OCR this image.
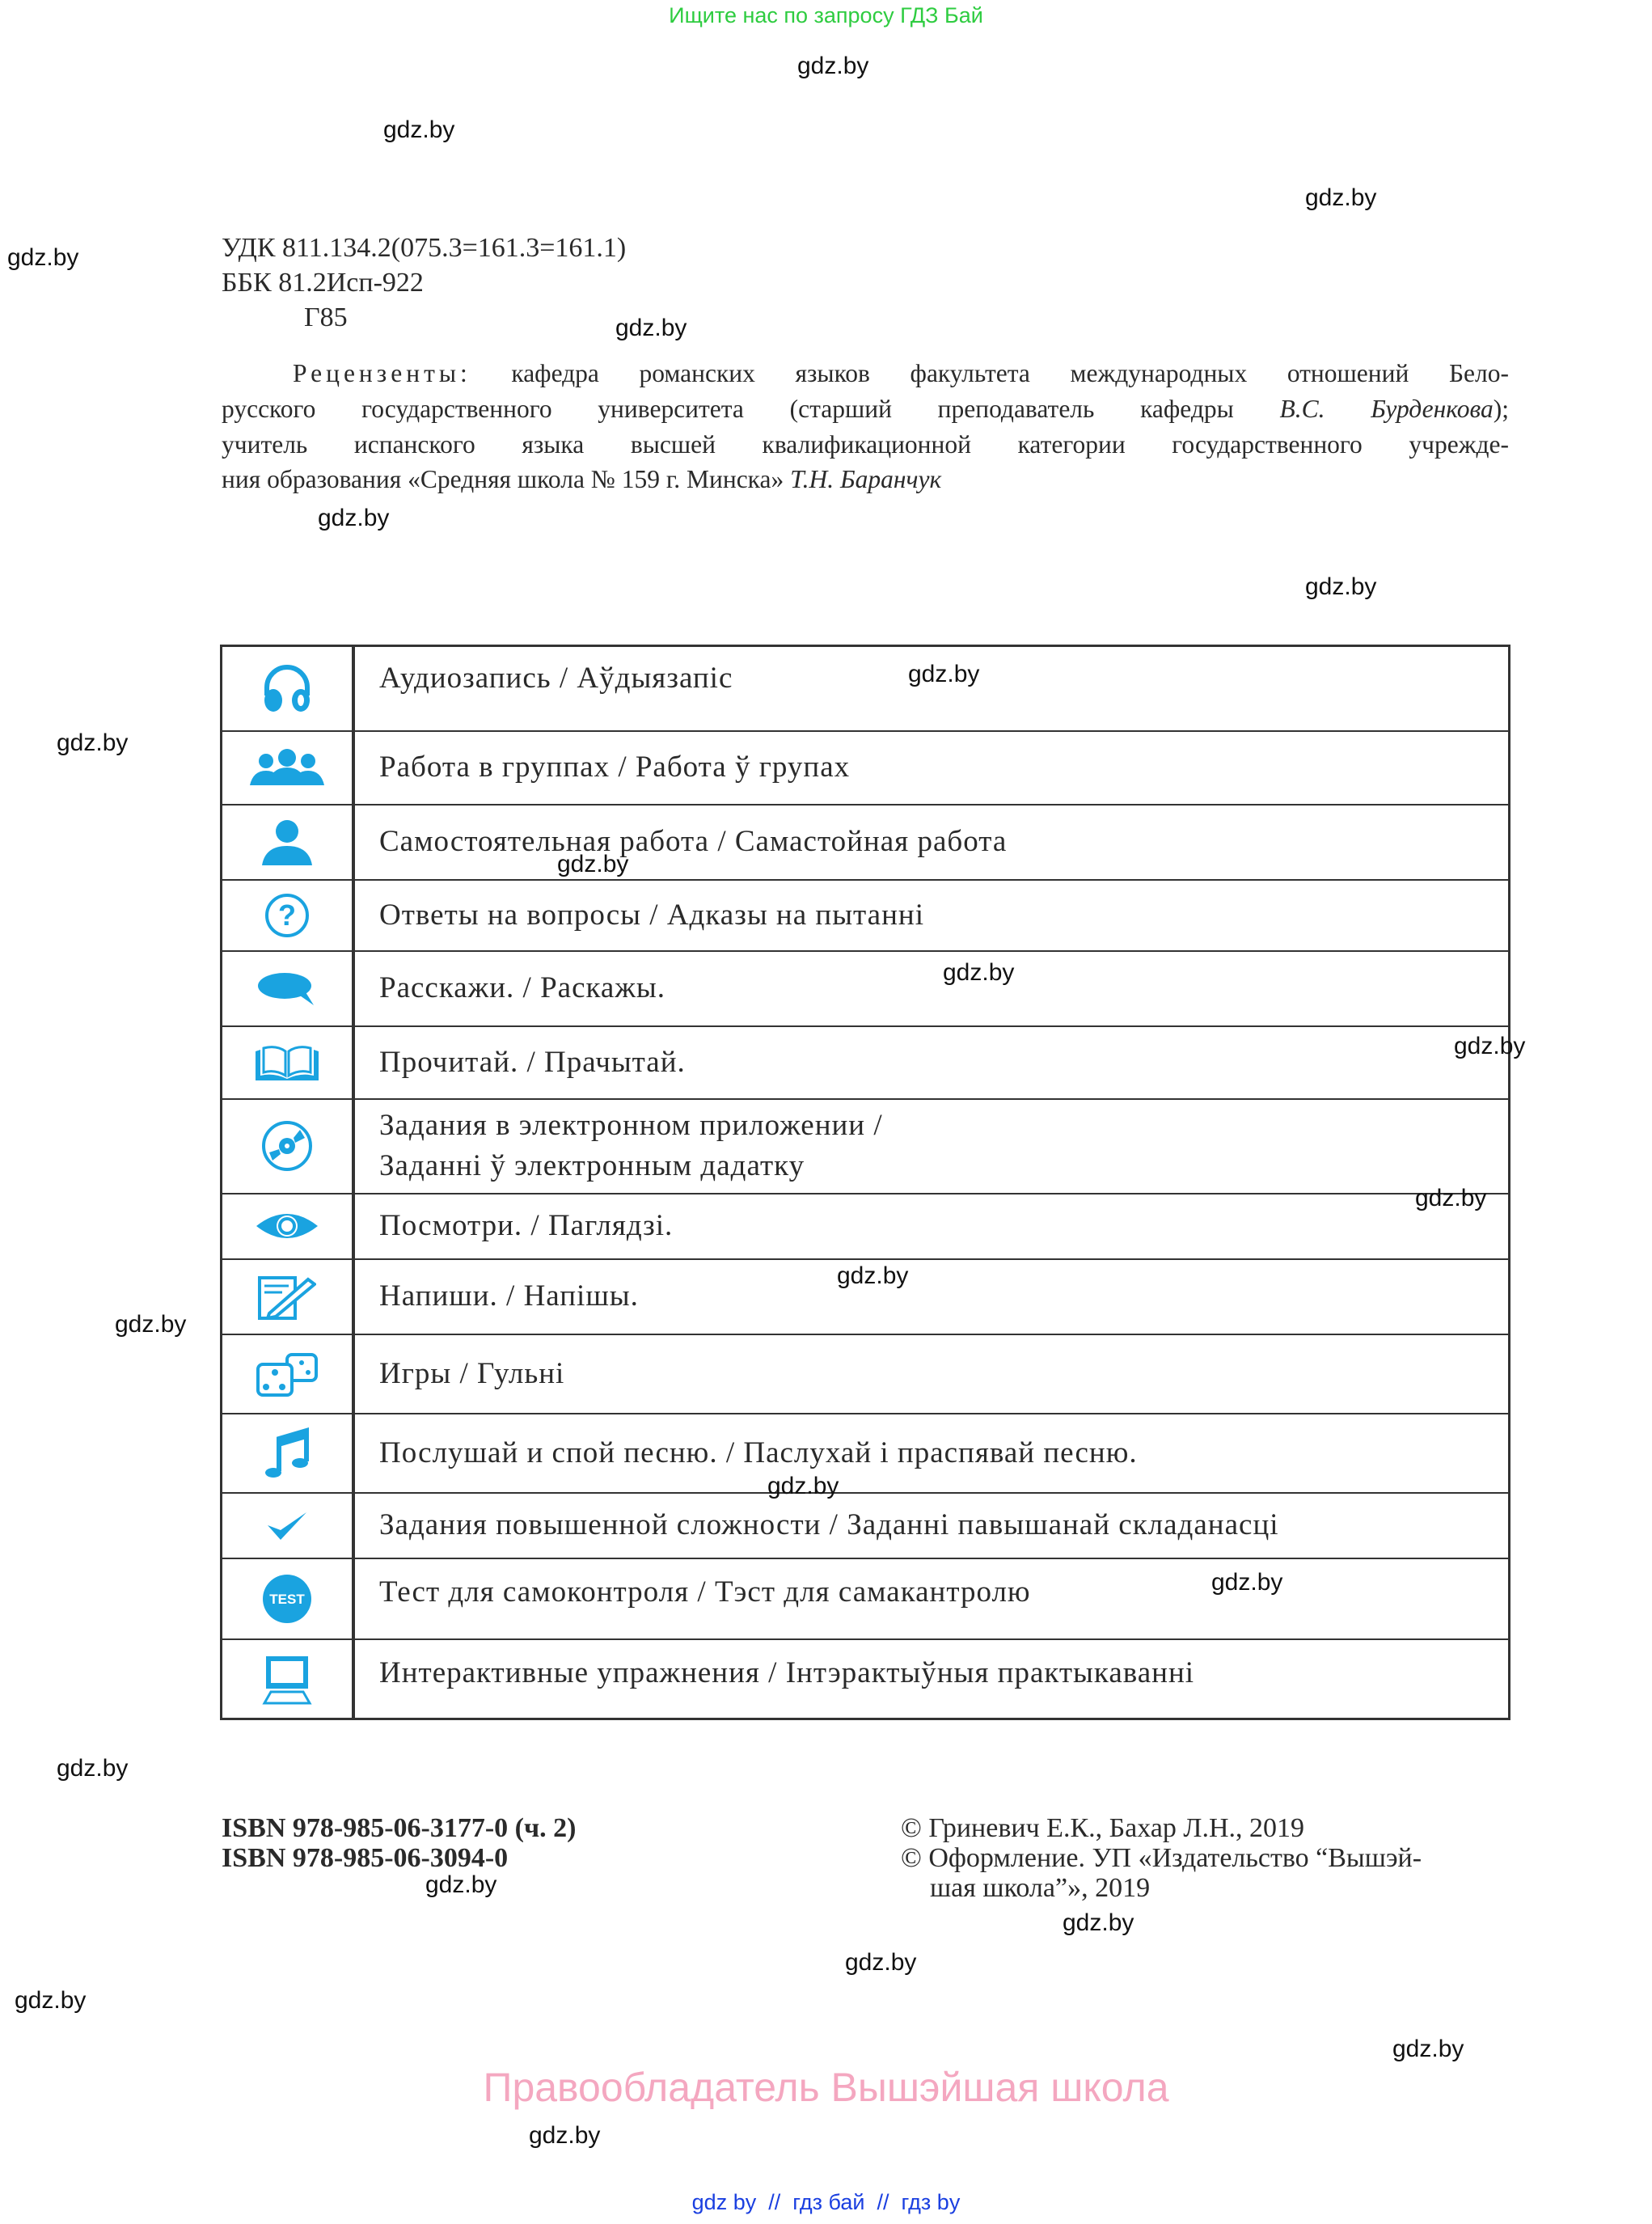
Ищите нас по запросу ГДЗ Бай
gdz.by
gdz.by
gdz.by
gdz.by
gdz.by
gdz.by
gdz.by
gdz.by
gdz.by
gdz.by
gdz.by
gdz.by
gdz.by
gdz.by
gdz.by
gdz.by
УДК 811.134.2(075.3=161.3=161.1)
ББК 81.2Исп-922
Г85
Рецензенты: кафедра романских языков факультета международных отношений Бело-
русского государственного университета (старший преподаватель кафедры В.С. Бурденкова);
учитель испанского языка высшей квалификационной категории государственного учрежде-
ния образования «Средняя школа № 159 г. Минска» Т.Н. Баранчук
	Аудиозапись / Аўдыязапіс

	Работа в группах / Работа ў групах

	Самостоятельная работа / Самастойная работа

?	Ответы на вопросы / Адказы на пытанні

	Расскажи. / Раскажы.

	Прочитай. / Прачытай.

Задания в электронном приложении /
Заданні ў электронным дадатку

	Посмотри. / Паглядзі.

	Напиши. / Напішы.

	Игры / Гульні

	Послушай и спой песню. / Паслухай і праспявай песню.

	Задания повышенной сложности / Заданні павышанай складанасці

TEST	Тест для самоконтроля / Тэст для самакантролю

	Интерактивные упражнения / Інтэрактыўныя практыкаванні
gdz.by
gdz.by
gdz.by
gdz.by
gdz.by
gdz.by
gdz.by
gdz.by
ISBN 978-985-06-3177-0 (ч. 2)
ISBN 978-985-06-3094-0
© Гриневич Е.К., Бахар Л.Н., 2019
© Оформление. УП «Издательство “Вышэй-
шая школа”», 2019
Правообладатель Вышэйшая школа
gdz by // гдз бай // гдз by
